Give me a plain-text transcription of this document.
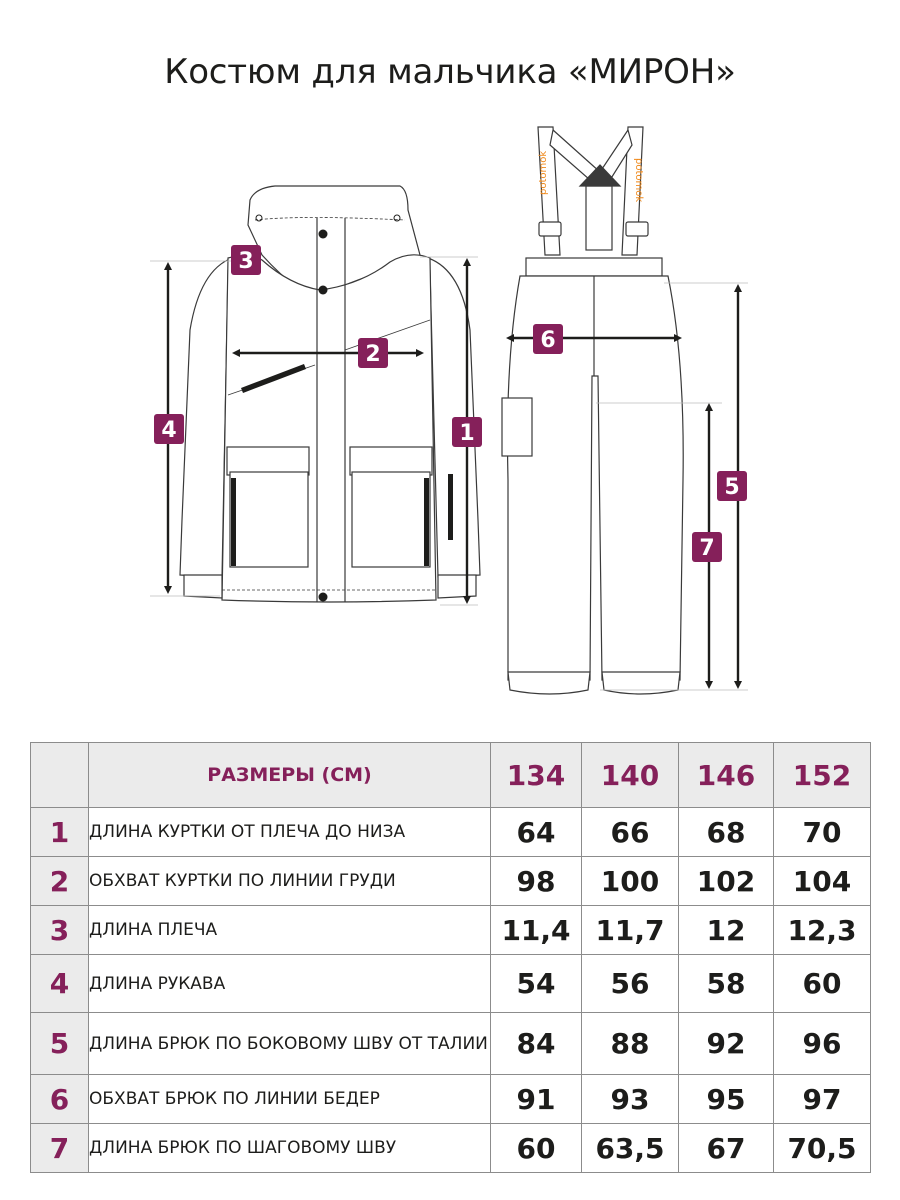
Костюм для мальчика «МИРОН»
3
2
4	1
potomok	potomok
6
5
7
	РАЗМЕРЫ (СМ)	134	140	146	152
1	ДЛИНА КУРТКИ ОТ ПЛЕЧА ДО НИЗА	64	66	68	70
2	ОБХВАТ КУРТКИ ПО ЛИНИИ ГРУДИ	98	100	102	104
3	ДЛИНА ПЛЕЧА	11,4	11,7	12	12,3
4	ДЛИНА РУКАВА	54	56	58	60
5	ДЛИНА БРЮК ПО БОКОВОМУ ШВУ ОТ ТАЛИИ	84	88	92	96
6	ОБХВАТ БРЮК ПО ЛИНИИ БЕДЕР	91	93	95	97
7	ДЛИНА БРЮК ПО ШАГОВОМУ ШВУ	60	63,5	67	70,5
